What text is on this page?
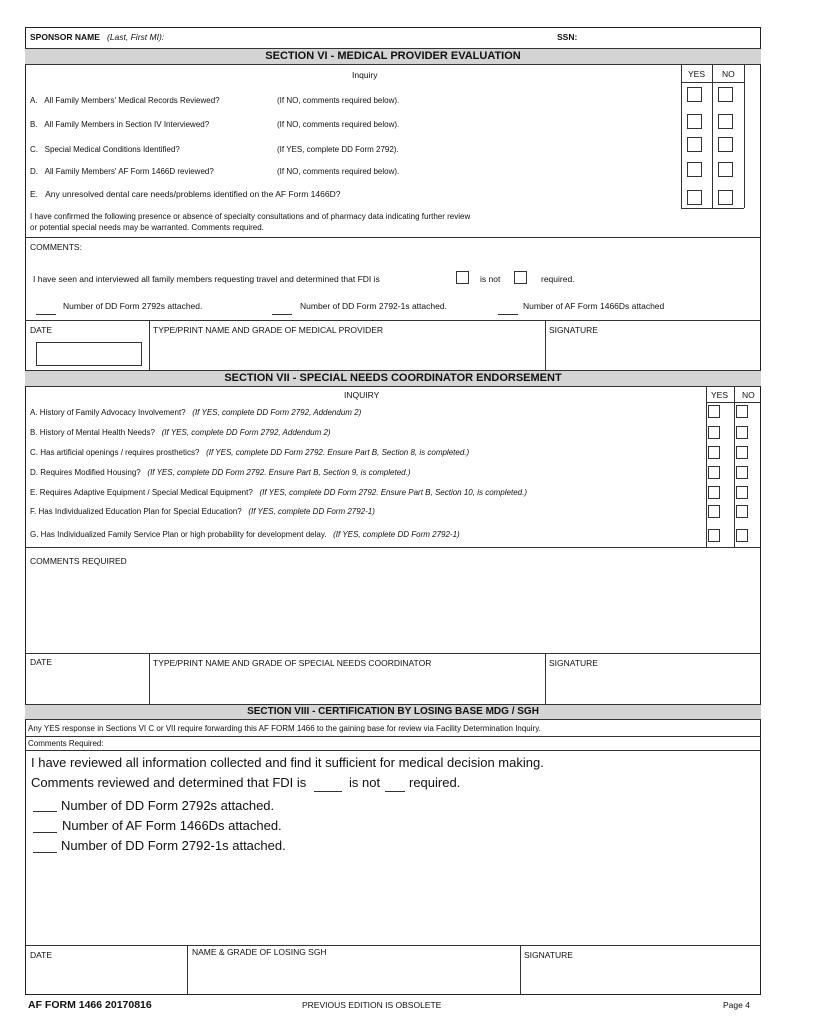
SPONSOR NAME (Last, First MI):	SSN:
SECTION VI - MEDICAL PROVIDER EVALUATION
Inquiry	YES NO
A. All Family Members' Medical Records Reviewed?	(If NO, comments required below).
B. All Family Members in Section IV Interviewed?	(If NO, comments required below).
C. Special Medical Conditions Identified?	(If YES, complete DD Form 2792).
D. All Family Members' AF Form 1466D reviewed?	(If NO, comments required below).
E. Any unresolved dental care needs/problems identified on the AF Form 1466D?
I have confirmed the following presence or absence of specialty consultations and of pharmacy data indicating further review
or potential special needs may be warranted. Comments required.
COMMENTS:
I have seen and interviewed all family members requesting travel and determined that FDI is	is not	required.
Number of DD Form 2792s attached.	Number of DD Form 2792-1s attached.	Number of AF Form 1466Ds attached
DATE	TYPE/PRINT NAME AND GRADE OF MEDICAL PROVIDER	SIGNATURE
SECTION VII - SPECIAL NEEDS COORDINATOR ENDORSEMENT
INQUIRY	YES NO
A. History of Family Advocacy Involvement? (If YES, complete DD Form 2792, Addendum 2)
B. History of Mental Health Needs? (If YES, complete DD Form 2792, Addendum 2)
C. Has artificial openings / requires prosthetics? (If YES, complete DD Form 2792. Ensure Part B, Section 8, is completed.)
D. Requires Modified Housing? (If YES, complete DD Form 2792. Ensure Part B, Section 9, is completed.)
E. Requires Adaptive Equipment / Special Medical Equipment? (If YES, complete DD Form 2792. Ensure Part B, Section 10, is completed.)
F. Has Individualized Education Plan for Special Education? (If YES, complete DD Form 2792-1)
G. Has Individualized Family Service Plan or high probability for development delay. (If YES, complete DD Form 2792-1)
COMMENTS REQUIRED
DATE	TYPE/PRINT NAME AND GRADE OF SPECIAL NEEDS COORDINATOR	SIGNATURE
SECTION VIII - CERTIFICATION BY LOSING BASE MDG / SGH
Any YES response in Sections VI C or VII require forwarding this AF FORM 1466 to the gaining base for review via Facility Determination Inquiry.
Comments Required:
I have reviewed all information collected and find it sufficient for medical decision making.
Comments reviewed and determined that FDI is	is not required.
Number of DD Form 2792s attached.
Number of AF Form 1466Ds attached.
Number of DD Form 2792-1s attached.
DATE	NAME & GRADE OF LOSING SGH	SIGNATURE
AF FORM 1466 20170816	PREVIOUS EDITION IS OBSOLETE	Page 4
